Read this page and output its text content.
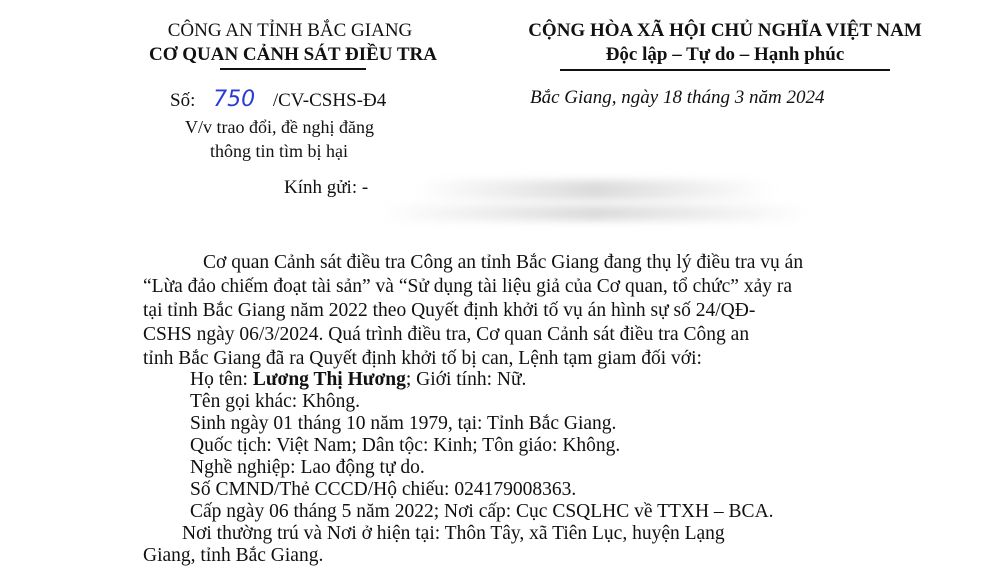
CÔNG AN TỈNH BẮC GIANG
CƠ QUAN CẢNH SÁT ĐIỀU TRA
Số: 750 /CV-CSHS-Đ4
V/v trao đổi, đề nghị đăng
thông tin tìm bị hại
CỘNG HÒA XÃ HỘI CHỦ NGHĨA VIỆT NAM
Độc lập – Tự do – Hạnh phúc
Bắc Giang, ngày 18 tháng 3 năm 2024
Kính gửi: -
Cơ quan Cảnh sát điều tra Công an tỉnh Bắc Giang đang thụ lý điều tra vụ án
“Lừa đảo chiếm đoạt tài sản” và “Sử dụng tài liệu giả của Cơ quan, tổ chức” xảy ra
tại tỉnh Bắc Giang năm 2022 theo Quyết định khởi tố vụ án hình sự số 24/QĐ-
CSHS ngày 06/3/2024. Quá trình điều tra, Cơ quan Cảnh sát điều tra Công an
tỉnh Bắc Giang đã ra Quyết định khởi tố bị can, Lệnh tạm giam đối với:
Họ tên: Lương Thị Hương; Giới tính: Nữ.
Tên gọi khác: Không.
Sinh ngày 01 tháng 10 năm 1979, tại: Tỉnh Bắc Giang.
Quốc tịch: Việt Nam; Dân tộc: Kinh; Tôn giáo: Không.
Nghề nghiệp: Lao động tự do.
Số CMND/Thẻ CCCD/Hộ chiếu: 024179008363.
Cấp ngày 06 tháng 5 năm 2022; Nơi cấp: Cục CSQLHC về TTXH – BCA.
Nơi thường trú và Nơi ở hiện tại: Thôn Tây, xã Tiên Lục, huyện Lạng
Giang, tỉnh Bắc Giang.
